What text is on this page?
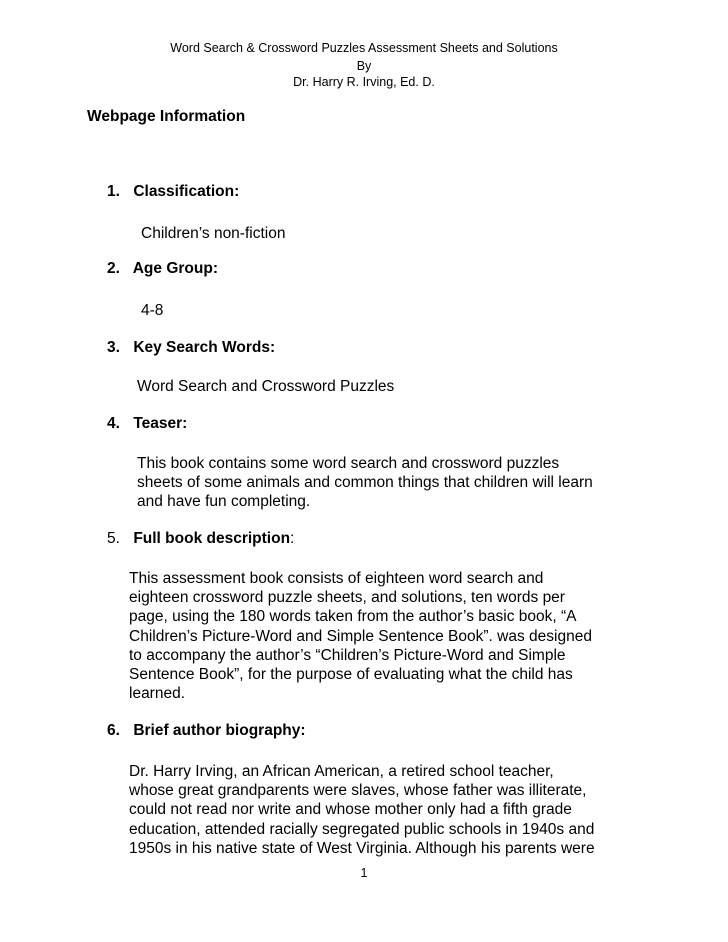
Word Search & Crossword Puzzles Assessment Sheets and Solutions
By
Dr. Harry R. Irving, Ed. D.
Webpage Information
1. Classification:

Children’s non-fiction

2. Age Group:

4-8

3. Key Search Words:

Word Search and Crossword Puzzles

4. Teaser:

This book contains some word search and crossword puzzles

sheets of some animals and common things that children will learn

and have fun completing.

5. Full book description:

This assessment book consists of eighteen word search and

eighteen crossword puzzle sheets, and solutions, ten words per

page, using the 180 words taken from the author’s basic book, “A

Children’s Picture-Word and Simple Sentence Book”. was designed

to accompany the author’s “Children’s Picture-Word and Simple

Sentence Book”, for the purpose of evaluating what the child has

learned.

6. Brief author biography:

Dr. Harry Irving, an African American, a retired school teacher,

whose great grandparents were slaves, whose father was illiterate,

could not read nor write and whose mother only had a fifth grade

education, attended racially segregated public schools in 1940s and

1950s in his native state of West Virginia. Although his parents were

1
